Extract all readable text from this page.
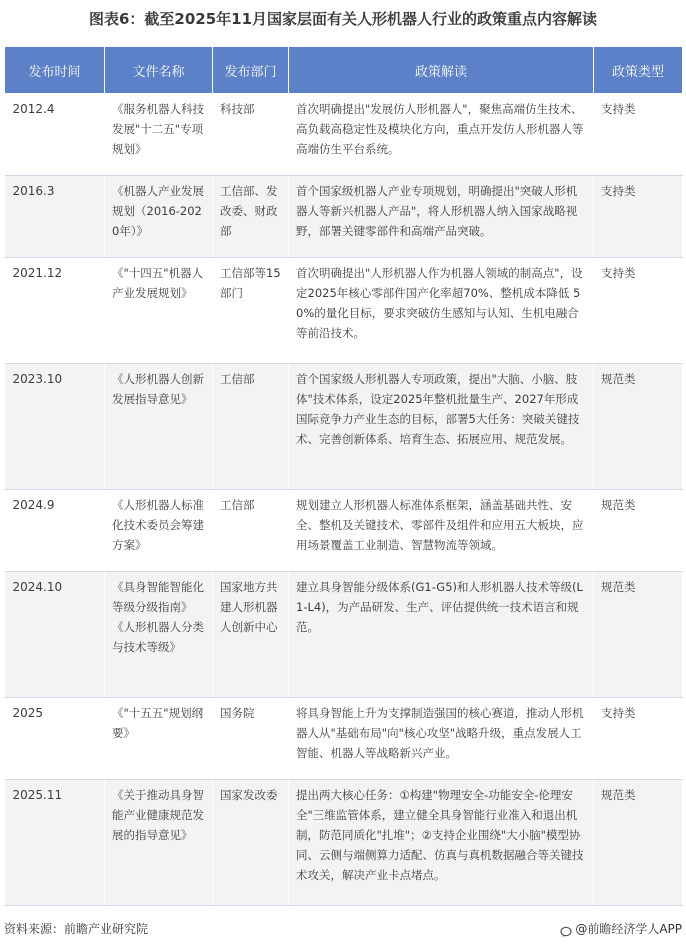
图表6：截至2025年11月国家层面有关人形机器人行业的政策重点内容解读
发布时间	文件名称	发布部门	政策解读	政策类型
2012.4	《服务机器人科技发展"十二五"专项规划》	科技部	首次明确提出"发展仿人形机器人"，聚焦高端仿生技术、高负载高稳定性及模块化方向，重点开发仿人形机器人等高端仿生平台系统。	支持类
2016.3	《机器人产业发展规划（2016-2020年）》	工信部、发改委、财政部	首个国家级机器人产业专项规划，明确提出"突破人形机器人等新兴机器人产品"，将人形机器人纳入国家战略视野，部署关键零部件和高端产品突破。	支持类
2021.12	《"十四五"机器人产业发展规划》	工信部等15部门	首次明确提出"人形机器人作为机器人领域的制高点"，设定2025年核心零部件国产化率超70%、整机成本降低 50%的量化目标，要求突破仿生感知与认知、生机电融合等前沿技术。	支持类
2023.10	《人形机器人创新发展指导意见》	工信部	首个国家级人形机器人专项政策，提出"大脑、小脑、肢体"技术体系，设定2025年整机批量生产、2027年形成国际竞争力产业生态的目标，部署5大任务：突破关键技术、完善创新体系、培育生态、拓展应用、规范发展。	规范类
2024.9	《人形机器人标准化技术委员会筹建方案》	工信部	规划建立人形机器人标准体系框架，涵盖基础共性、安全、整机及关键技术、零部件及组件和应用五大板块，应用场景覆盖工业制造、智慧物流等领域。	规范类
2024.10	《具身智能智能化等级分级指南》《人形机器人分类与技术等级》	国家地方共建人形机器人创新中心	建立具身智能分级体系(G1-G5)和人形机器人技术等级(L1-L4)，为产品研发、生产、评估提供统一技术语言和规范。	规范类
2025	《"十五五"规划纲要》	国务院	将具身智能上升为支撑制造强国的核心赛道，推动人形机器人从"基础布局"向"核心攻坚"战略升级，重点发展人工智能、机器人等战略新兴产业。	支持类
2025.11	《关于推动具身智能产业健康规范发展的指导意见》	国家发改委	提出两大核心任务：①构建"物理安全-功能安全-伦理安全"三维监管体系，建立健全具身智能行业准入和退出机制，防范同质化"扎堆"；②支持企业围绕"大小脑"模型协同、云侧与端侧算力适配、仿真与真机数据融合等关键技术攻关，解决产业卡点堵点。	规范类
资料来源：前瞻产业研究院	@前瞻经济学人APP
